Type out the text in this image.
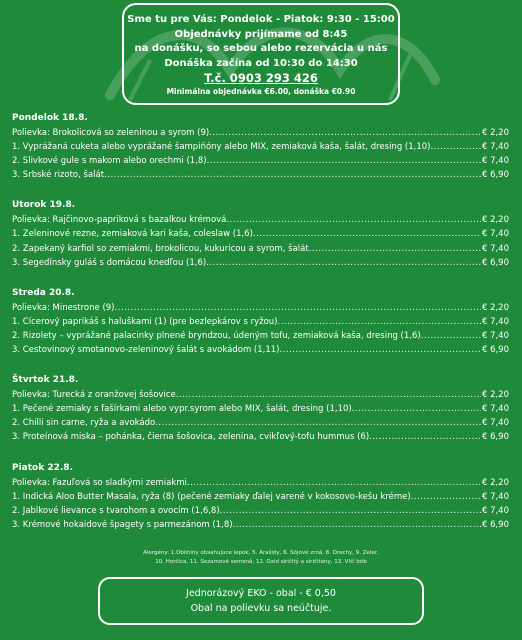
Sme tu pre Vás: Pondelok - Piatok: 9:30 - 15:00
Objednávky prijímame od 8:45
na donášku, so sebou alebo rezervácia u nás
Donáška začína od 10:30 do 14:30
T.č. 0903 293 426
Minimálna objednávka €6.00, donáška €0.90
Pondelok 18.8.
Polievka: Brokolicová so zeleninou a syrom (9) .....	€ 2,20
1. Vyprážaná cuketa alebo vyprážané šampiňóny alebo MIX, zemiaková kaša, šalát, dresing (1,10) .....	€ 7,40
2. Slivkové gule s makom alebo orechmi (1,8) .....	€ 7,40
3. Srbské rizoto, šalát .....	€ 6,90
Utorok 19.8.
Polievka: Rajčinovo-papriková s bazalkou krémová .....	€ 2,20
1. Zeleninové rezne, zemiaková kari kaša, coleslaw (1,6) .....	€ 7,40
2. Zapekaný karfiol so zemiakmi, brokolicou, kukuricou a syrom, šalát .....	€ 7,40
3. Segedínsky guláš s domácou knedľou (1,6) .....	€ 6,90
Streda 20.8.
Polievka: Minestrone (9) .....	€ 2,20
1. Cícerový paprikáš s haluškami (1) (pre bezlepkárov s ryžou) .....	€ 7,40
2. Rizolety – vyprážané palacinky plnené bryndzou, údeným tofu, zemiaková kaša, dresing (1,6) .....	€ 7,40
3. Cestovinový smotanovo-zeleninový šalát s avokádom (1,11) .....	€ 6,90
Štvrtok 21.8.
Polievka: Turecká z oranžovej šošovice .....	€ 2,20
1. Pečené zemiaky s fašírkami alebo vypr.syrom alebo MIX, šalát, dresing (1,10) .....	€ 7,40
2. Chilli sin carne, ryža a avokádo .....	€ 7,40
3. Proteínová miska – pohánka, čierna šošovica, zelenina, cvikľový-tofu hummus (6) .....	€ 6,90
Piatok 22.8.
Polievka: Fazuľová so sladkými zemiakmi .....	€ 2,20
1. Indická Aloo Butter Masala, ryža (8) (pečené zemiaky ďalej varené v kokosovo-kešu kréme) .....	€ 7,40
2. Jablkové lievance s tvarohom a ovocím (1,6,8) .....	€ 7,40
3. Krémové hokaidové špagety s parmezánom (1,8) .....	€ 6,90
Alergény: 1.Obilniny obsahujúce lepok, 5. Arašidy, 6. Sójové zrná, 8. Orechy, 9. Zeler,
10. Horčica, 11. Sezamové semená, 12. Oxid siričitý a siričitany, 13. Vlčí bôb
Jednorázový EKO - obal - € 0,50
Obal na polievku sa neúčtuje.
